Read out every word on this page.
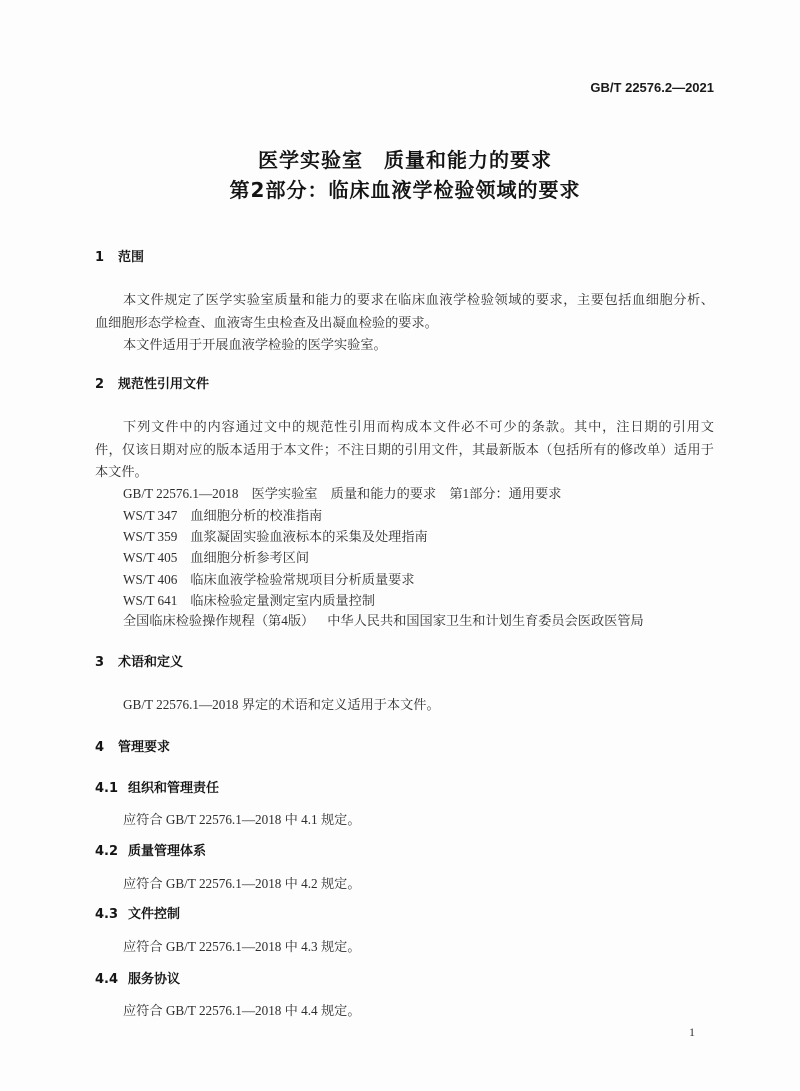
GB/T 22576.2—2021
医学实验室　质量和能力的要求
第2部分：临床血液学检验领域的要求
1 范围
本文件规定了医学实验室质量和能力的要求在临床血液学检验领域的要求，主要包括血细胞分析、
血细胞形态学检查、血液寄生虫检查及出凝血检验的要求。
本文件适用于开展血液学检验的医学实验室。
2 规范性引用文件
下列文件中的内容通过文中的规范性引用而构成本文件必不可少的条款。其中，注日期的引用文
件，仅该日期对应的版本适用于本文件；不注日期的引用文件，其最新版本（包括所有的修改单）适用于
本文件。
GB/T 22576.1—2018 医学实验室　质量和能力的要求　第1部分：通用要求
WS/T 347 血细胞分析的校准指南
WS/T 359 血浆凝固实验血液标本的采集及处理指南
WS/T 405 血细胞分析参考区间
WS/T 406 临床血液学检验常规项目分析质量要求
WS/T 641 临床检验定量测定室内质量控制
全国临床检验操作规程（第4版） 中华人民共和国国家卫生和计划生育委员会医政医管局
3 术语和定义
GB/T 22576.1—2018 界定的术语和定义适用于本文件。
4 管理要求
4.1 组织和管理责任
应符合 GB/T 22576.1—2018 中 4.1 规定。
4.2 质量管理体系
应符合 GB/T 22576.1—2018 中 4.2 规定。
4.3 文件控制
应符合 GB/T 22576.1—2018 中 4.3 规定。
4.4 服务协议
应符合 GB/T 22576.1—2018 中 4.4 规定。
1
